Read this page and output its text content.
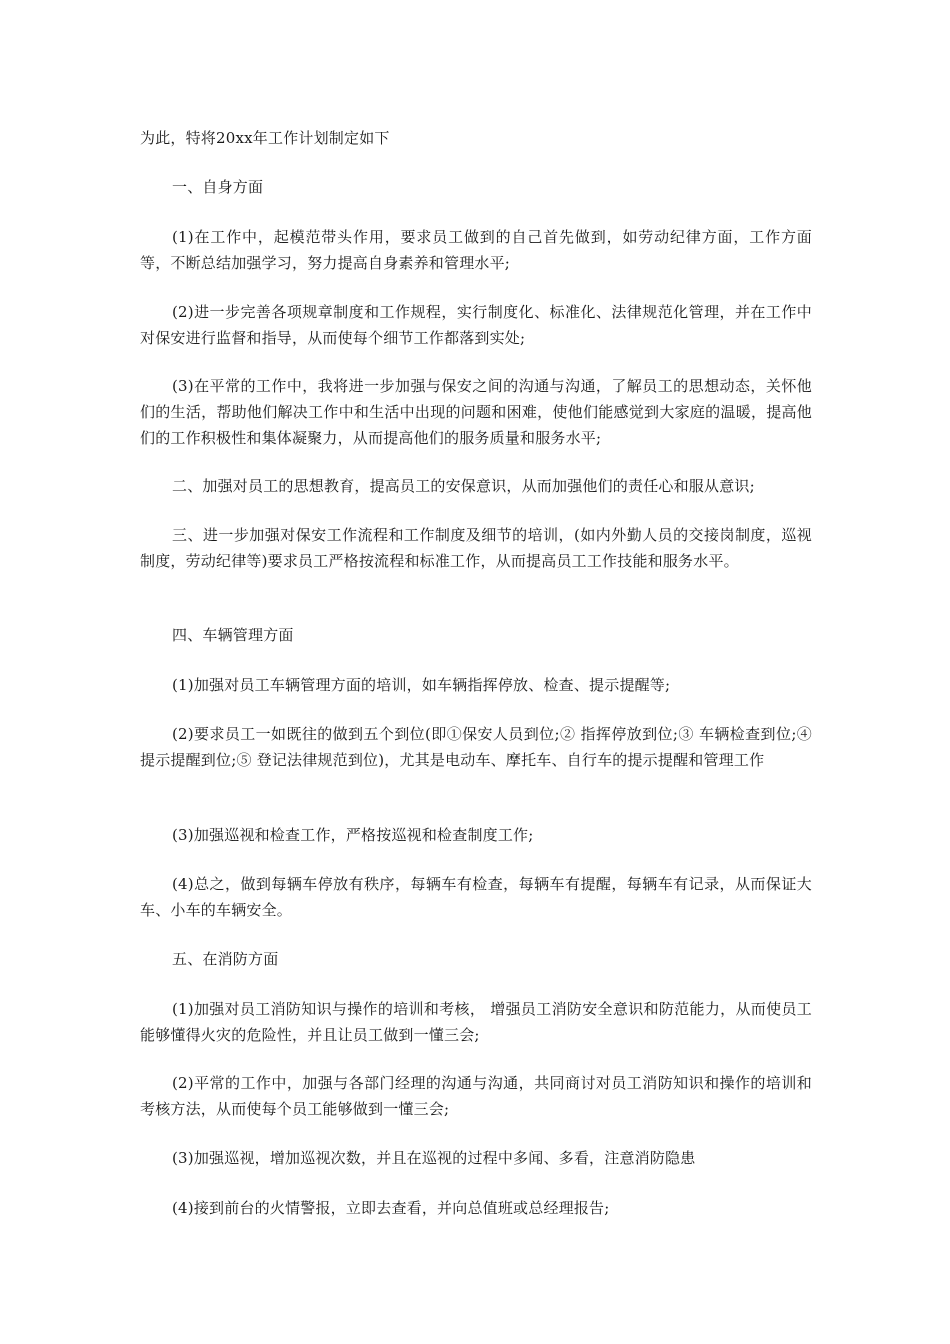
为此，特将20xx年工作计划制定如下

一、自身方面

(1)在工作中，起模范带头作用，要求员工做到的自己首先做到，如劳动纪律方面，工作方面等，不断总结加强学习，努力提高自身素养和管理水平;

(2)进一步完善各项规章制度和工作规程，实行制度化、标准化、法律规范化管理，并在工作中对保安进行监督和指导，从而使每个细节工作都落到实处;

(3)在平常的工作中，我将进一步加强与保安之间的沟通与沟通，了解员工的思想动态，关怀他们的生活，帮助他们解决工作中和生活中出现的问题和困难，使他们能感觉到大家庭的温暖，提高他们的工作积极性和集体凝聚力，从而提高他们的服务质量和服务水平;

二、加强对员工的思想教育，提高员工的安保意识，从而加强他们的责任心和服从意识;

三、进一步加强对保安工作流程和工作制度及细节的培训，(如内外勤人员的交接岗制度，巡视制度，劳动纪律等)要求员工严格按流程和标准工作，从而提高员工工作技能和服务水平。

四、车辆管理方面

(1)加强对员工车辆管理方面的培训，如车辆指挥停放、检查、提示提醒等;

(2)要求员工一如既往的做到五个到位(即①保安人员到位;② 指挥停放到位;③ 车辆检查到位;④ 提示提醒到位;⑤ 登记法律规范到位)，尤其是电动车、摩托车、自行车的提示提醒和管理工作

(3)加强巡视和检查工作，严格按巡视和检查制度工作;

(4)总之，做到每辆车停放有秩序，每辆车有检查，每辆车有提醒，每辆车有记录，从而保证大车、小车的车辆安全。

五、在消防方面

(1)加强对员工消防知识与操作的培训和考核， 增强员工消防安全意识和防范能力，从而使员工能够懂得火灾的危险性，并且让员工做到一懂三会;

(2)平常的工作中，加强与各部门经理的沟通与沟通，共同商讨对员工消防知识和操作的培训和考核方法，从而使每个员工能够做到一懂三会;

(3)加强巡视，增加巡视次数，并且在巡视的过程中多闻、多看，注意消防隐患

(4)接到前台的火情警报，立即去查看，并向总值班或总经理报告;
